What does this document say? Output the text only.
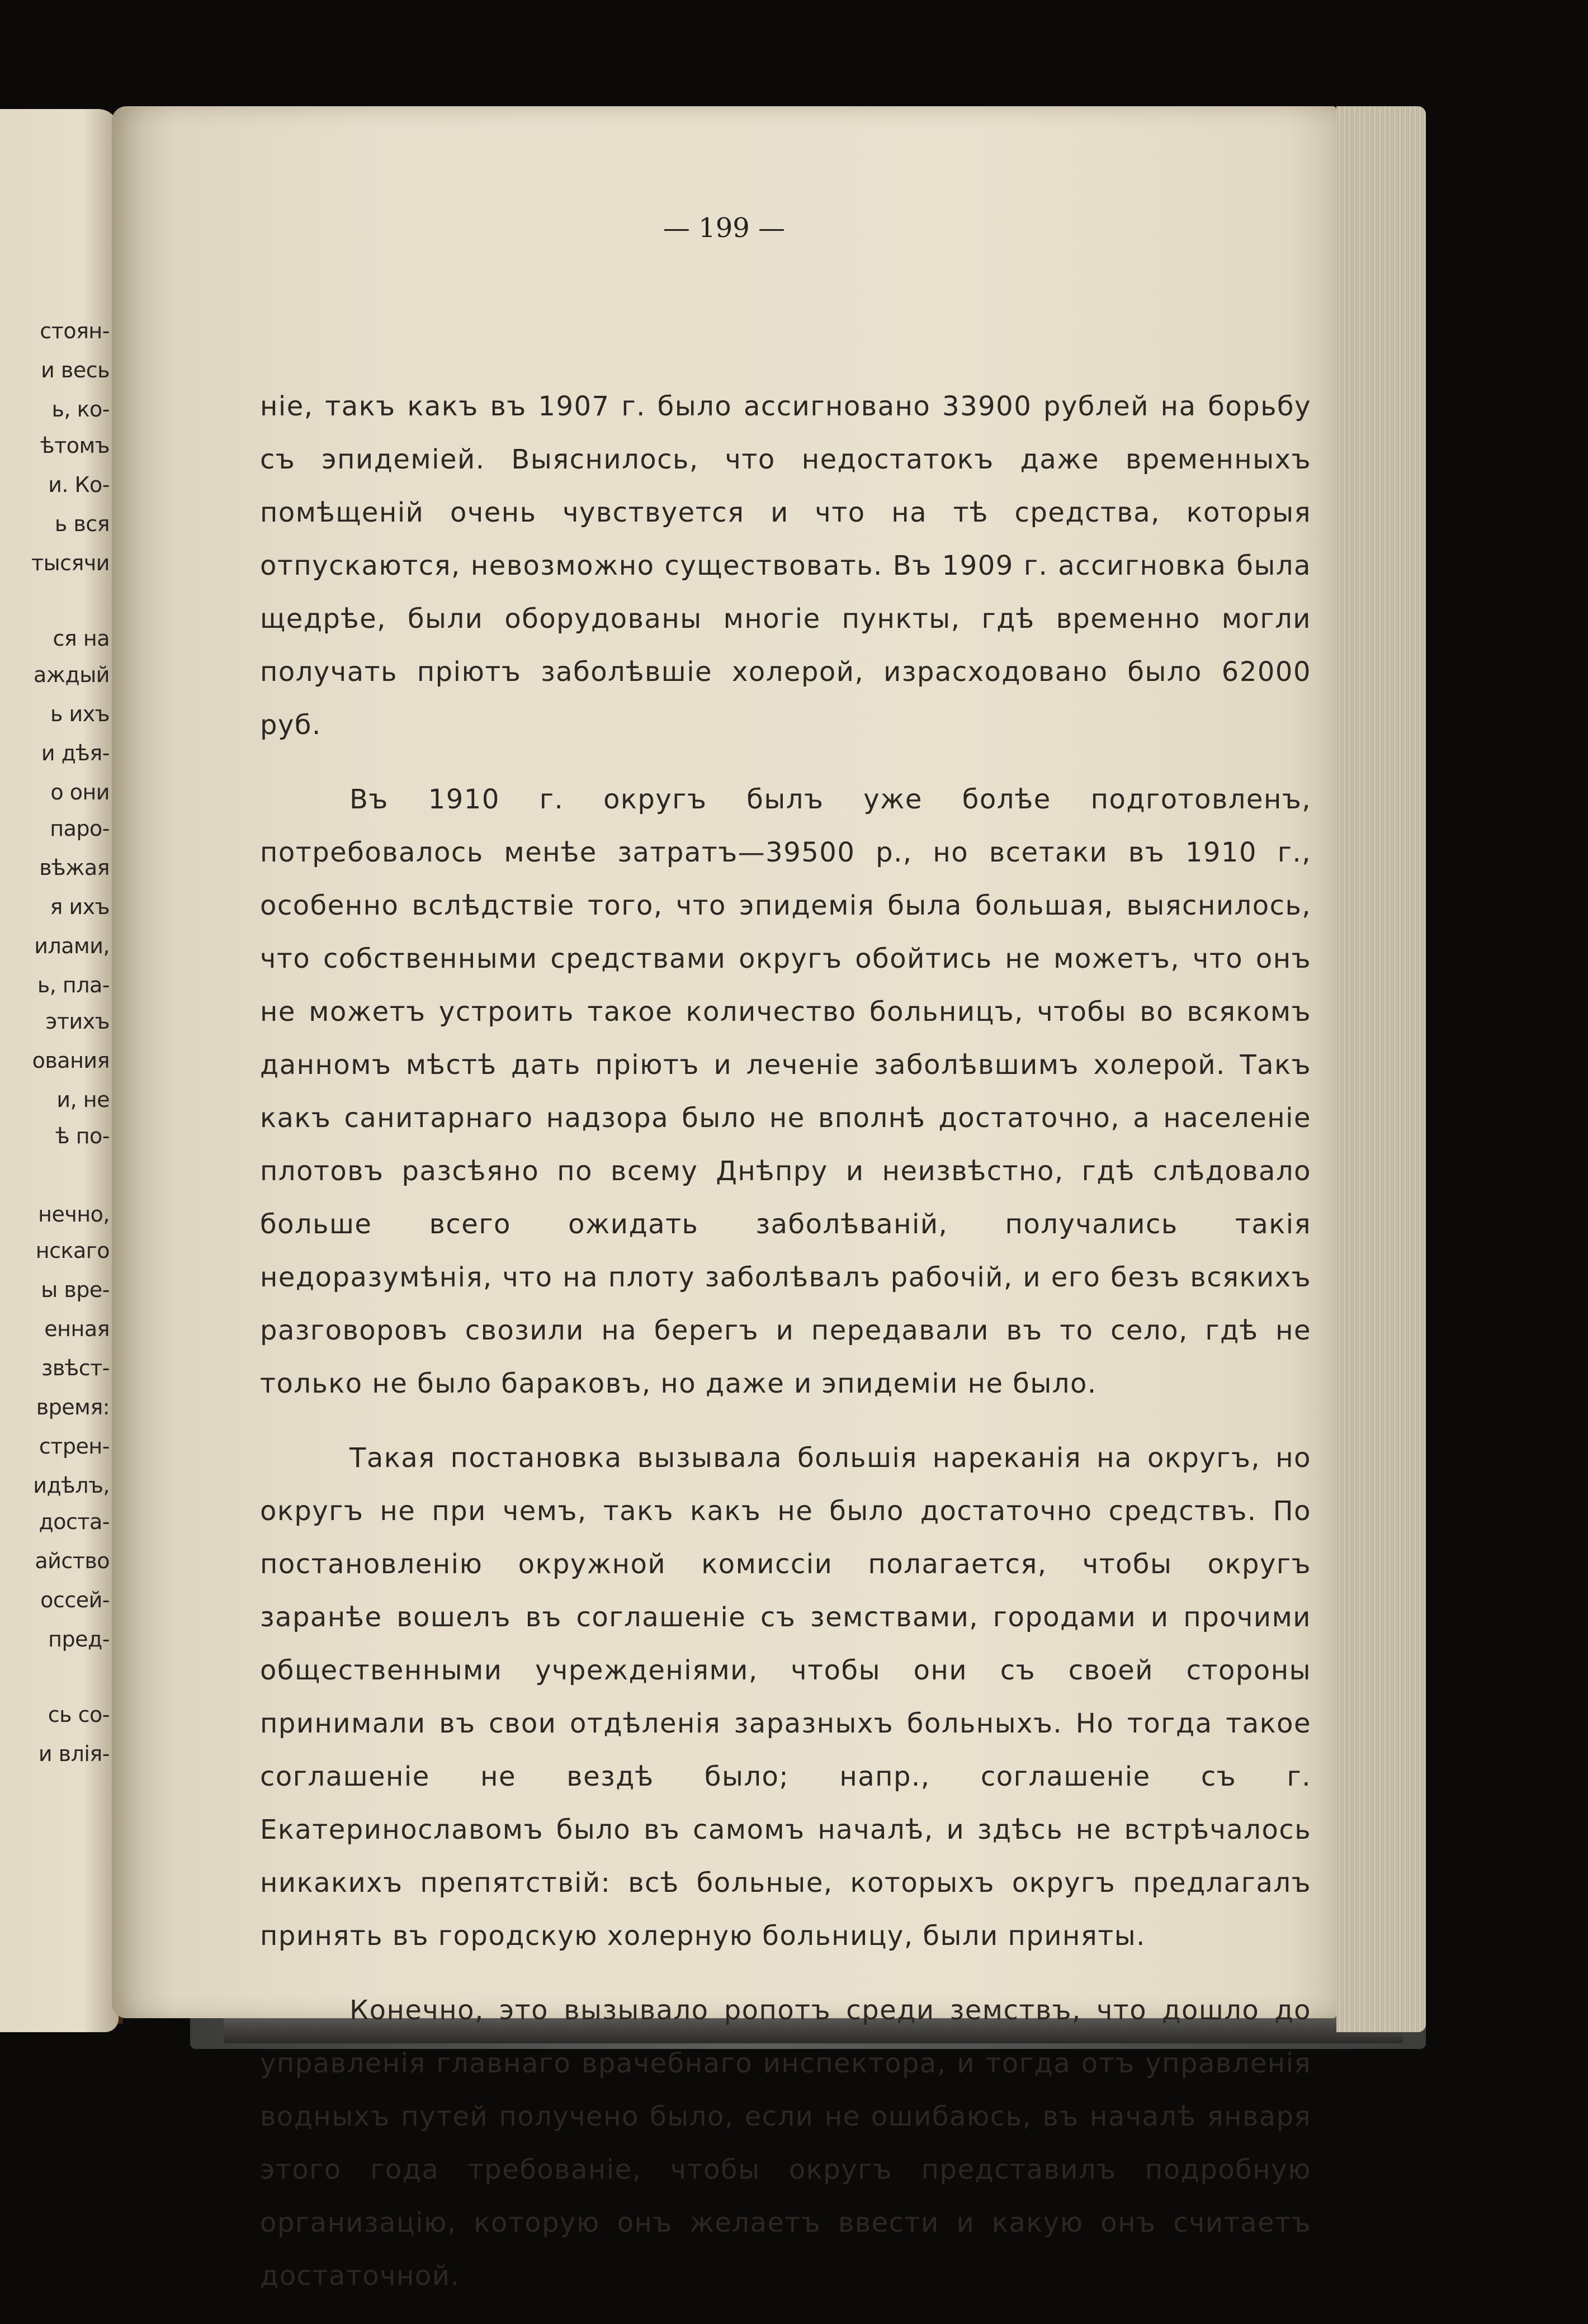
стоян-
и весь
ь, ко-
ѣтомъ
и. Ко-
ь вся
тысячи
ся на
аждый
ь ихъ
и дѣя-
о они
паро-
вѣжая
я ихъ
илами,
ь, пла-
этихъ
ования
и, не
ѣ по-
нечно,
нскаго
ы вре-
енная
звѣст-
время:
стрен-
идѣлъ,
доста-
айство
оссей-
пред-
сь со-
и влія-
— 199 —

нie, такъ какъ въ 1907 г. было ассигновано 33900 рублей на борьбу съ эпидеміей. Выяснилось, что недостатокъ даже временныхъ помѣщеній очень чувствуется и что на тѣ средства, которыя отпускаются, невозможно существовать. Въ 1909 г. ассигновка была щедрѣе, были оборудованы многіе пункты, гдѣ временно могли получать пріютъ заболѣвшіе холерой, израсходовано было 62000 руб.

Въ 1910 г. округъ былъ уже болѣе подготовленъ, потребовалось менѣе затратъ—39500 р., но всетаки въ 1910 г., особенно вслѣдствіе того, что эпидемія была большая, выяснилось, что собственными средствами округъ обойтись не можетъ, что онъ не можетъ устроить такое количество больницъ, чтобы во всякомъ данномъ мѣстѣ дать пріютъ и леченіе заболѣвшимъ холерой. Такъ какъ санитарнаго надзора было не вполнѣ достаточно, а населеніе плотовъ разсѣяно по всему Днѣпру и неизвѣстно, гдѣ слѣдовало больше всего ожидать заболѣваній, получались такія недоразумѣнія, что на плоту заболѣвалъ рабочій, и его безъ всякихъ разговоровъ свозили на берегъ и передавали въ то село, гдѣ не только не было бараковъ, но даже и эпидеміи не было.

Такая постановка вызывала большія нареканія на округъ, но округъ не при чемъ, такъ какъ не было достаточно средствъ. По постановленію окружной комиссіи полагается, чтобы округъ заранѣе вошелъ въ соглашеніе съ земствами, городами и прочими общественными учрежденіями, чтобы они съ своей стороны принимали въ свои отдѣленія заразныхъ больныхъ. Но тогда такое соглашеніе не вездѣ было; напр., соглашеніе съ г. Екатеринославомъ было въ самомъ началѣ, и здѣсь не встрѣчалось никакихъ препятствій: всѣ больные, которыхъ округъ предлагалъ принять въ городскую холерную больницу, были приняты.

Конечно, это вызывало ропотъ среди земствъ, что дошло до управленія главнаго врачебнаго инспектора, и тогда отъ управленія водныхъ путей получено было, если не ошибаюсь, въ началѣ января этого года требованіе, чтобы округъ представилъ подробную организацію, которую онъ желаетъ ввести и какую онъ считаетъ достаточной.
